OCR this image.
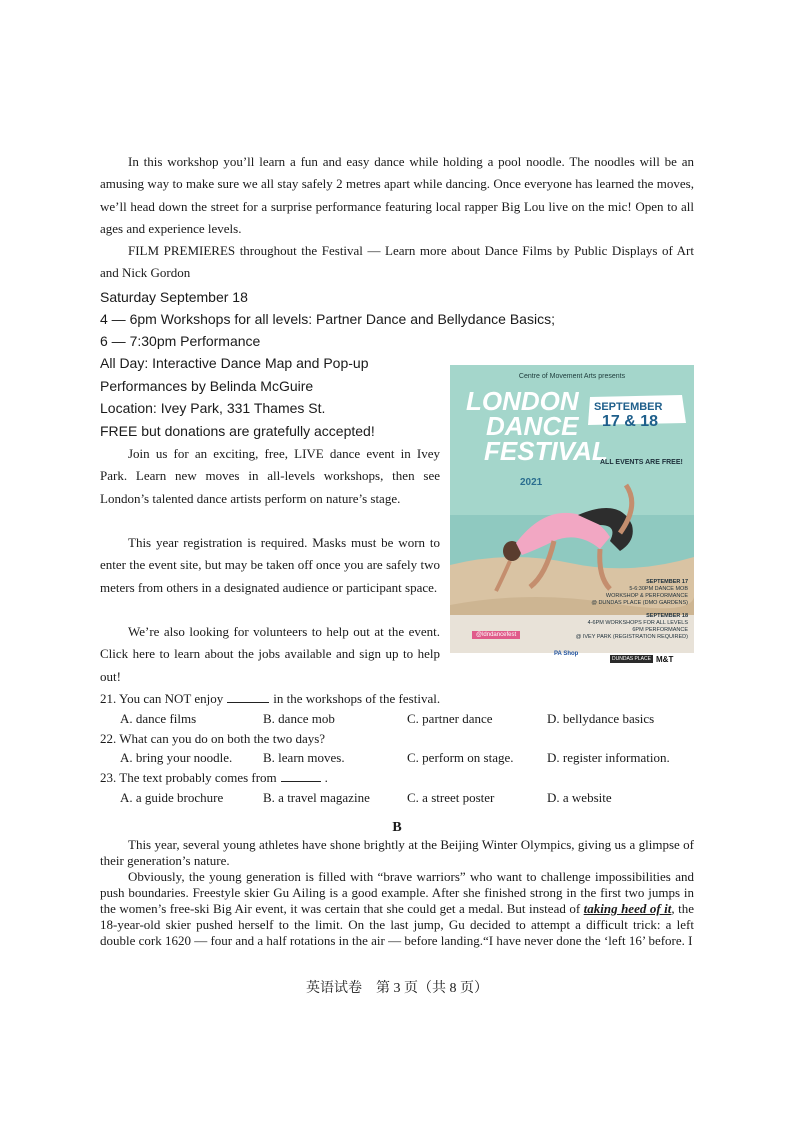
In this workshop you’ll learn a fun and easy dance while holding a pool noodle. The noodles will be an amusing way to make sure we all stay safely 2 metres apart while dancing. Once everyone has learned the moves, we’ll head down the street for a surprise performance featuring local rapper Big Lou live on the mic! Open to all ages and experience levels.
FILM PREMIERES throughout the Festival — Learn more about Dance Films by Public Displays of Art and Nick Gordon
Saturday September 18
4 — 6pm Workshops for all levels: Partner Dance and Bellydance Basics;
6 — 7:30pm Performance
All Day: Interactive Dance Map and Pop-up
Performances by Belinda McGuire
Location: Ivey Park, 331 Thames St.
FREE but donations are gratefully accepted!
Join us for an exciting, free, LIVE dance event in Ivey Park. Learn new moves in all-levels workshops, then see London’s talented dance artists perform on nature’s stage.
This year registration is required. Masks must be worn to enter the event site, but may be taken off once you are safely two meters from others in a designated audience or participant space.
We’re also looking for volunteers to help out at the event. Click here to learn about the jobs available and sign up to help out!
Centre of Movement Arts presents
LONDON
DANCE
FESTIVAL
2021
SEPTEMBER
17 & 18
ALL EVENTS ARE FREE!
SEPTEMBER 17
5-6:30PM DANCE MOB
WORKSHOP & PERFORMANCE
@ DUNDAS PLACE (DMO GARDENS)
SEPTEMBER 18
4-6PM WORKSHOPS FOR ALL LEVELS
6PM PERFORMANCE
@ IVEY PARK (REGISTRATION REQUIRED)
@ldndancefest
PA Shop
DUNDAS PLACE M&T
21. You can NOT enjoy	in the workshops of the festival.
A. dance films	B. dance mob	C. partner dance	D. bellydance basics
22. What can you do on both the two days?
A. bring your noodle. B. learn moves.	C. perform on stage.	D. register information.
23. The text probably comes from	.
A. a guide brochure	B. a travel magazine	C. a street poster	D. a website
B
This year, several young athletes have shone brightly at the Beijing Winter Olympics, giving us a glimpse of their generation’s nature.
Obviously, the young generation is filled with “brave warriors” who want to challenge impossibilities and push boundaries. Freestyle skier Gu Ailing is a good example. After she finished strong in the first two jumps in the women’s free-ski Big Air event, it was certain that she could get a medal. But instead of taking heed of it, the 18-year-old skier pushed herself to the limit. On the last jump, Gu decided to attempt a difficult trick: a left double cork 1620 — four and a half rotations in the air — before landing.“I have never done the ‘left 16’ before. I
英语试卷　第 3 页（共 8 页）
